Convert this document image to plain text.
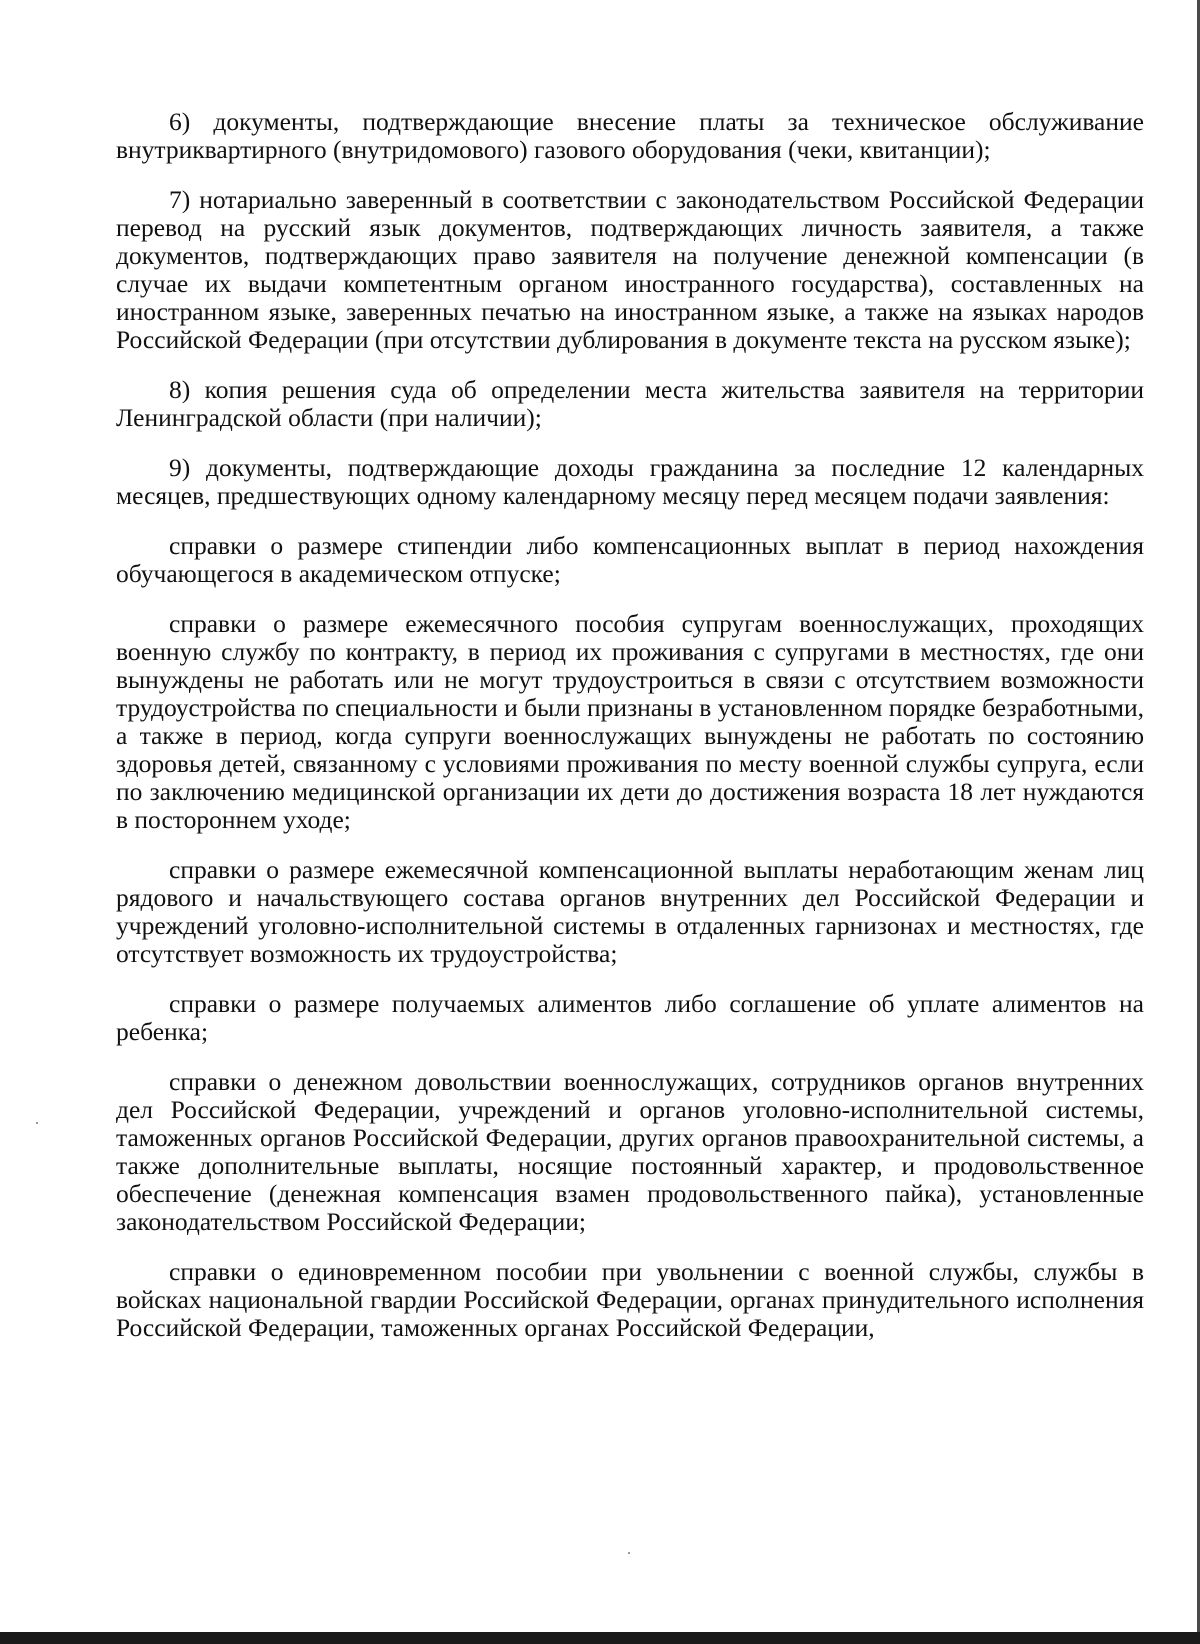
6) документы, подтверждающие внесение платы за техническое обслуживание внутриквартирного (внутридомового) газового оборудования (чеки, квитанции);

7) нотариально заверенный в соответствии с законодательством Российской Федерации перевод на русский язык документов, подтверждающих личность заявителя, а также документов, подтверждающих право заявителя на получение денежной компенсации (в случае их выдачи компетентным органом иностранного государства), составленных на иностранном языке, заверенных печатью на иностранном языке, а также на языках народов Российской Федерации (при отсутствии дублирования в документе текста на русском языке);

8) копия решения суда об определении места жительства заявителя на территории Ленинградской области (при наличии);

9) документы, подтверждающие доходы гражданина за последние 12 календарных месяцев, предшествующих одному календарному месяцу перед месяцем подачи заявления:

справки о размере стипендии либо компенсационных выплат в период нахождения обучающегося в академическом отпуске;

справки о размере ежемесячного пособия супругам военнослужащих, проходящих военную службу по контракту, в период их проживания с супругами в местностях, где они вынуждены не работать или не могут трудоустроиться в связи с отсутствием возможности трудоустройства по специальности и были признаны в установленном порядке безработными, а также в период, когда супруги военнослужащих вынуждены не работать по состоянию здоровья детей, связанному с условиями проживания по месту военной службы супруга, если по заключению медицинской организации их дети до достижения возраста 18 лет нуждаются в постороннем уходе;

справки о размере ежемесячной компенсационной выплаты неработающим женам лиц рядового и начальствующего состава органов внутренних дел Российской Федерации и учреждений уголовно-исполнительной системы в отдаленных гарнизонах и местностях, где отсутствует возможность их трудоустройства;

справки о размере получаемых алиментов либо соглашение об уплате алиментов на ребенка;

справки о денежном довольствии военнослужащих, сотрудников органов внутренних дел Российской Федерации, учреждений и органов уголовно-исполнительной системы, таможенных органов Российской Федерации, других органов правоохранительной системы, а также дополнительные выплаты, носящие постоянный характер, и продовольственное обеспечение (денежная компенсация взамен продовольственного пайка), установленные законодательством Российской Федерации;

справки о единовременном пособии при увольнении с военной службы, службы в войсках национальной гвардии Российской Федерации, органах принудительного исполнения Российской Федерации, таможенных органах Российской Федерации,
